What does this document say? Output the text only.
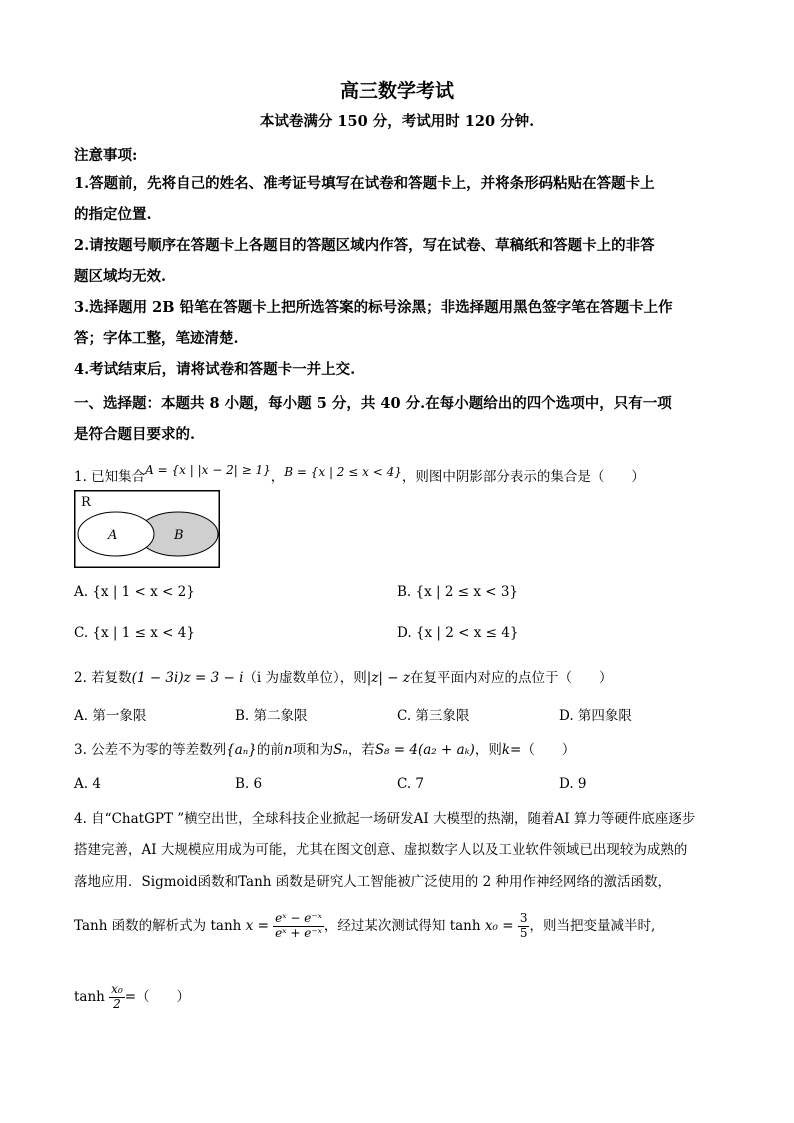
高三数学考试
本试卷满分 150 分，考试用时 120 分钟.
注意事项:
1.答题前，先将自己的姓名、准考证号填写在试卷和答题卡上，并将条形码粘贴在答题卡上
的指定位置.
2.请按题号顺序在答题卡上各题目的答题区域内作答，写在试卷、草稿纸和答题卡上的非答
题区域均无效.
3.选择题用 2B 铅笔在答题卡上把所选答案的标号涂黑；非选择题用黑色签字笔在答题卡上作
答；字体工整，笔迹清楚.
4.考试结束后，请将试卷和答题卡一并上交.
一、选择题：本题共 8 小题，每小题 5 分，共 40 分.在每小题给出的四个选项中，只有一项
是符合题目要求的.
1. 已知集合A = {x | |x − 2| ≥ 1}，B = {x | 2 ≤ x < 4}，则图中阴影部分表示的集合是（　　）
R
A	B
A. {x | 1 < x < 2}	B. {x | 2 ≤ x < 3}
C. {x | 1 ≤ x < 4}	D. {x | 2 < x ≤ 4}
2. 若复数(1 − 3i)z = 3 − i（i 为虚数单位），则|z| − z在复平面内对应的点位于（　　）
A. 第一象限	B. 第二象限	C. 第三象限	D. 第四象限
3. 公差不为零的等差数列{aₙ}的前n项和为Sₙ，若S₈ = 4(a₂ + aₖ)，则k=（　　）
A. 4	B. 6	C. 7	D. 9
4. 自“ChatGPT ”横空出世，全球科技企业掀起一场研发AI 大模型的热潮，随着AI 算力等硬件底座逐步
搭建完善，AI 大规模应用成为可能，尤其在图文创意、虚拟数字人以及工业软件领域已出现较为成熟的
落地应用．Sigmoid函数和Tanh 函数是研究人工智能被广泛使用的 2 种用作神经网络的激活函数，
Tanh 函数的解析式为 $\tanh x = \frac{\text{eˣ − e⁻ˣ}}{\text{eˣ + e⁻ˣ}}$ ，经过某次测试得知 $\tanh x_0 = \frac{3}{5}$ ，则当把变量减半时,
$\tanh \frac{\text{x₀}}{2}$ =（　　）
